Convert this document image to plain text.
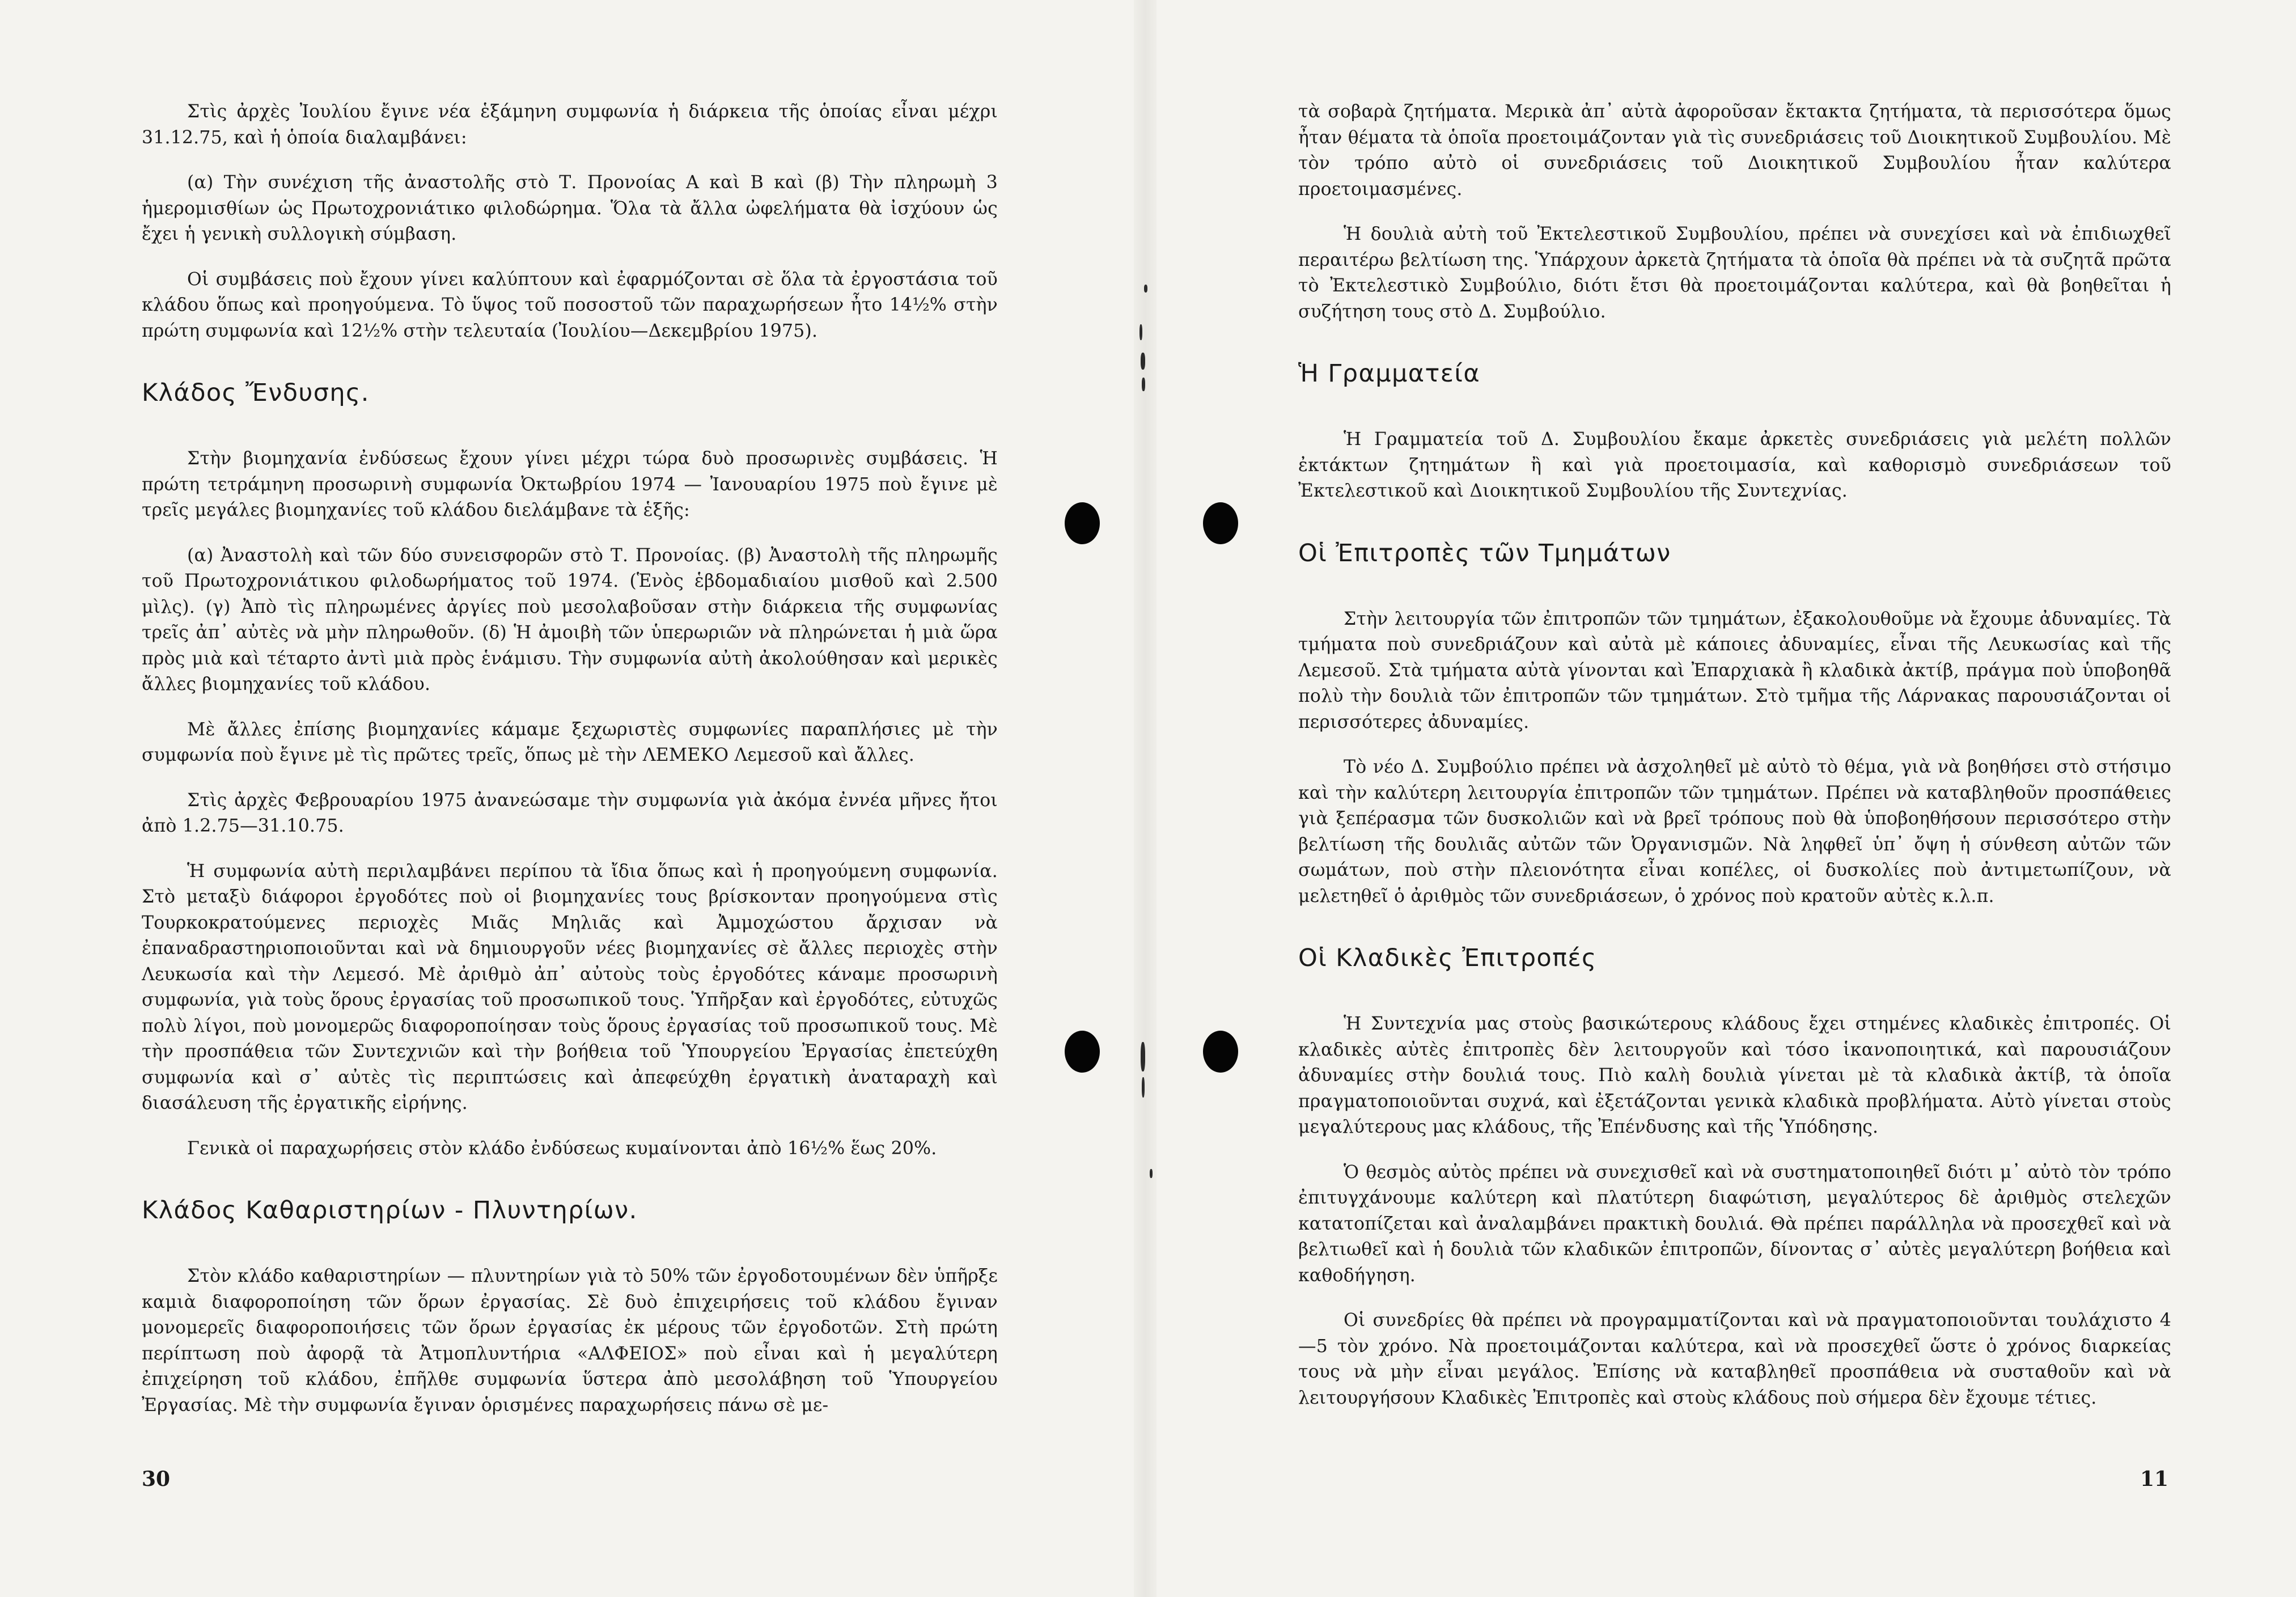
Στὶς ἀρχὲς Ἰουλίου ἔγινε νέα ἑξάμηνη συμφωνία ἡ διάρκεια τῆς ὁποίας εἶναι μέχρι 31.12.75, καὶ ἡ ὁποία διαλαμβάνει:

(α) Τὴν συνέχιση τῆς ἀναστολῆς στὸ Τ. Προνοίας Α καὶ Β καὶ (β) Τὴν πληρωμὴ 3 ἡμερομισθίων ὡς Πρωτοχρονιάτικο φιλοδώρημα. Ὅλα τὰ ἄλλα ὠφελήματα θὰ ἰσχύουν ὡς ἔχει ἡ γενικὴ συλλογικὴ σύμβαση.

Οἱ συμβάσεις ποὺ ἔχουν γίνει καλύπτουν καὶ ἐφαρμόζονται σὲ ὅλα τὰ ἐργοστάσια τοῦ κλάδου ὅπως καὶ προηγούμενα. Τὸ ὕψος τοῦ ποσοστοῦ τῶν παραχωρήσεων ἦτο 14½% στὴν πρώτη συμφωνία καὶ 12½% στὴν τελευταία (Ἰουλίου—Δεκεμβρίου 1975).

Κλάδος Ἔνδυσης.

Στὴν βιομηχανία ἐνδύσεως ἔχουν γίνει μέχρι τώρα δυὸ προσωρινὲς συμβάσεις. Ἡ πρώτη τετράμηνη προσωρινὴ συμφωνία Ὀκτωβρίου 1974 — Ἰανουαρίου 1975 ποὺ ἔγινε μὲ τρεῖς μεγάλες βιομηχανίες τοῦ κλάδου διελάμβανε τὰ ἑξῆς:

(α) Ἀναστολὴ καὶ τῶν δύο συνεισφορῶν στὸ Τ. Προνοίας. (β) Ἀναστολὴ τῆς πληρωμῆς τοῦ Πρωτοχρονιάτικου φιλοδωρήματος τοῦ 1974. (Ἑνὸς ἑβδομαδιαίου μισθοῦ καὶ 2.500 μὶλς). (γ) Ἀπὸ τὶς πληρωμένες ἀργίες ποὺ μεσολαβοῦσαν στὴν διάρκεια τῆς συμφωνίας τρεῖς ἀπ᾽ αὐτὲς νὰ μὴν πληρωθοῦν. (δ) Ἡ ἀμοιβὴ τῶν ὑπερωριῶν νὰ πληρώνεται ἡ μιὰ ὥρα πρὸς μιὰ καὶ τέταρτο ἀντὶ μιὰ πρὸς ἑνάμισυ. Τὴν συμφωνία αὐτὴ ἀκολούθησαν καὶ μερικὲς ἄλλες βιομηχανίες τοῦ κλάδου.

Μὲ ἄλλες ἐπίσης βιομηχανίες κάμαμε ξεχωριστὲς συμφωνίες παραπλήσιες μὲ τὴν συμφωνία ποὺ ἔγινε μὲ τὶς πρῶτες τρεῖς, ὅπως μὲ τὴν ΛΕΜΕΚΟ Λεμεσοῦ καὶ ἄλλες.

Στὶς ἀρχὲς Φεβρουαρίου 1975 ἀνανεώσαμε τὴν συμφωνία γιὰ ἀκόμα ἐννέα μῆνες ἤτοι ἀπὸ 1.2.75—31.10.75.

Ἡ συμφωνία αὐτὴ περιλαμβάνει περίπου τὰ ἴδια ὅπως καὶ ἡ προηγούμενη συμφωνία. Στὸ μεταξὺ διάφοροι ἐργοδότες ποὺ οἱ βιομηχανίες τους βρίσκονταν προηγούμενα στὶς Τουρκοκρατούμενες περιοχὲς Μιᾶς Μηλιᾶς καὶ Ἀμμοχώστου ἄρχισαν νὰ ἐπαναδραστηριοποιοῦνται καὶ νὰ δημιουργοῦν νέες βιομηχανίες σὲ ἄλλες περιοχὲς στὴν Λευκωσία καὶ τὴν Λεμεσό. Μὲ ἀριθμὸ ἀπ᾽ αὐτοὺς τοὺς ἐργοδότες κάναμε προσωρινὴ συμφωνία, γιὰ τοὺς ὅρους ἐργασίας τοῦ προσωπικοῦ τους. Ὑπῆρξαν καὶ ἐργοδότες, εὐτυχῶς πολὺ λίγοι, ποὺ μονομερῶς διαφοροποίησαν τοὺς ὅρους ἐργασίας τοῦ προσωπικοῦ τους. Μὲ τὴν προσπάθεια τῶν Συντεχνιῶν καὶ τὴν βοήθεια τοῦ Ὑπουργείου Ἐργασίας ἐπετεύχθη συμφωνία καὶ σ᾽ αὐτὲς τὶς περιπτώσεις καὶ ἀπεφεύχθη ἐργατικὴ ἀναταραχὴ καὶ διασάλευση τῆς ἐργατικῆς εἰρήνης.

Γενικὰ οἱ παραχωρήσεις στὸν κλάδο ἐνδύσεως κυμαίνονται ἀπὸ 16½% ἕως 20%.

Κλάδος Καθαριστηρίων - Πλυντηρίων.

Στὸν κλάδο καθαριστηρίων — πλυντηρίων γιὰ τὸ 50% τῶν ἐργοδοτουμένων δὲν ὑπῆρξε καμιὰ διαφοροποίηση τῶν ὅρων ἐργασίας. Σὲ δυὸ ἐπιχειρήσεις τοῦ κλάδου ἔγιναν μονομερεῖς διαφοροποιήσεις τῶν ὅρων ἐργασίας ἐκ μέρους τῶν ἐργοδοτῶν. Στὴ πρώτη περίπτωση ποὺ ἀφορᾷ τὰ Ἀτμοπλυντήρια «ΑΛΦΕΙΟΣ» ποὺ εἶναι καὶ ἡ μεγαλύτερη ἐπιχείρηση τοῦ κλάδου, ἐπῆλθε συμφωνία ὕστερα ἀπὸ μεσολάβηση τοῦ Ὑπουργείου Ἐργασίας. Μὲ τὴν συμφωνία ἔγιναν ὁρισμένες παραχωρήσεις πάνω σὲ με-

30

τὰ σοβαρὰ ζητήματα. Μερικὰ ἀπ᾽ αὐτὰ ἀφοροῦσαν ἔκτακτα ζητήματα, τὰ περισσότερα ὅμως ἦταν θέματα τὰ ὁποῖα προετοιμάζονταν γιὰ τὶς συνεδριάσεις τοῦ Διοικητικοῦ Συμβουλίου. Μὲ τὸν τρόπο αὐτὸ οἱ συνεδριάσεις τοῦ Διοικητικοῦ Συμβουλίου ἦταν καλύτερα προετοιμασμένες.

Ἡ δουλιὰ αὐτὴ τοῦ Ἐκτελεστικοῦ Συμβουλίου, πρέπει νὰ συνεχίσει καὶ νὰ ἐπιδιωχθεῖ περαιτέρω βελτίωση της. Ὑπάρχουν ἀρκετὰ ζητήματα τὰ ὁποῖα θὰ πρέπει νὰ τὰ συζητᾶ πρῶτα τὸ Ἐκτελεστικὸ Συμβούλιο, διότι ἔτσι θὰ προετοιμάζονται καλύτερα, καὶ θὰ βοηθεῖται ἡ συζήτηση τους στὸ Δ. Συμβούλιο.

Ἡ Γραμματεία

Ἡ Γραμματεία τοῦ Δ. Συμβουλίου ἔκαμε ἀρκετὲς συνεδριάσεις γιὰ μελέτη πολλῶν ἐκτάκτων ζητημάτων ἢ καὶ γιὰ προετοιμασία, καὶ καθορισμὸ συνεδριάσεων τοῦ Ἐκτελεστικοῦ καὶ Διοικητικοῦ Συμβουλίου τῆς Συντεχνίας.

Οἱ Ἐπιτροπὲς τῶν Τμημάτων

Στὴν λειτουργία τῶν ἐπιτροπῶν τῶν τμημάτων, ἐξακολουθοῦμε νὰ ἔχουμε ἀδυναμίες. Τὰ τμήματα ποὺ συνεδριάζουν καὶ αὐτὰ μὲ κάποιες ἀδυναμίες, εἶναι τῆς Λευκωσίας καὶ τῆς Λεμεσοῦ. Στὰ τμήματα αὐτὰ γίνονται καὶ Ἐπαρχιακὰ ἢ κλαδικὰ ἀκτίβ, πράγμα ποὺ ὑποβοηθᾶ πολὺ τὴν δουλιὰ τῶν ἐπιτροπῶν τῶν τμημάτων. Στὸ τμῆμα τῆς Λάρνακας παρουσιάζονται οἱ περισσότερες ἀδυναμίες.

Τὸ νέο Δ. Συμβούλιο πρέπει νὰ ἀσχοληθεῖ μὲ αὐτὸ τὸ θέμα, γιὰ νὰ βοηθήσει στὸ στήσιμο καὶ τὴν καλύτερη λειτουργία ἐπιτροπῶν τῶν τμημάτων. Πρέπει νὰ καταβληθοῦν προσπάθειες γιὰ ξεπέρασμα τῶν δυσκολιῶν καὶ νὰ βρεῖ τρόπους ποὺ θὰ ὑποβοηθήσουν περισσότερο στὴν βελτίωση τῆς δουλιᾶς αὐτῶν τῶν Ὀργανισμῶν. Νὰ ληφθεῖ ὑπ᾽ ὄψη ἡ σύνθεση αὐτῶν τῶν σωμάτων, ποὺ στὴν πλειονότητα εἶναι κοπέλες, οἱ δυσκολίες ποὺ ἀντιμετωπίζουν, νὰ μελετηθεῖ ὁ ἀριθμὸς τῶν συνεδριάσεων, ὁ χρόνος ποὺ κρατοῦν αὐτὲς κ.λ.π.

Οἱ Κλαδικὲς Ἐπιτροπές

Ἡ Συντεχνία μας στοὺς βασικώτερους κλάδους ἔχει στημένες κλαδικὲς ἐπιτροπές. Οἱ κλαδικὲς αὐτὲς ἐπιτροπὲς δὲν λειτουργοῦν καὶ τόσο ἱκανοποιητικά, καὶ παρουσιάζουν ἀδυναμίες στὴν δουλιά τους. Πιὸ καλὴ δουλιὰ γίνεται μὲ τὰ κλαδικὰ ἀκτίβ, τὰ ὁποῖα πραγματοποιοῦνται συχνά, καὶ ἐξετάζονται γενικὰ κλαδικὰ προβλήματα. Αὐτὸ γίνεται στοὺς μεγαλύτερους μας κλάδους, τῆς Ἐπένδυσης καὶ τῆς Ὑπόδησης.

Ὁ θεσμὸς αὐτὸς πρέπει νὰ συνεχισθεῖ καὶ νὰ συστηματοποιηθεῖ διότι μ᾽ αὐτὸ τὸν τρόπο ἐπιτυγχάνουμε καλύτερη καὶ πλατύτερη διαφώτιση, μεγαλύτερος δὲ ἀριθμὸς στελεχῶν κατατοπίζεται καὶ ἀναλαμβάνει πρακτικὴ δουλιά. Θὰ πρέπει παράλληλα νὰ προσεχθεῖ καὶ νὰ βελτιωθεῖ καὶ ἡ δουλιὰ τῶν κλαδικῶν ἐπιτροπῶν, δίνοντας σ᾽ αὐτὲς μεγαλύτερη βοήθεια καὶ καθοδήγηση.

Οἱ συνεδρίες θὰ πρέπει νὰ προγραμματίζονται καὶ νὰ πραγματοποιοῦνται τουλάχιστο 4—5 τὸν χρόνο. Νὰ προετοιμάζονται καλύτερα, καὶ νὰ προσεχθεῖ ὥστε ὁ χρόνος διαρκείας τους νὰ μὴν εἶναι μεγάλος. Ἐπίσης νὰ καταβληθεῖ προσπάθεια νὰ συσταθοῦν καὶ νὰ λειτουργήσουν Κλαδικὲς Ἐπιτροπὲς καὶ στοὺς κλάδους ποὺ σήμερα δὲν ἔχουμε τέτιες.

11
